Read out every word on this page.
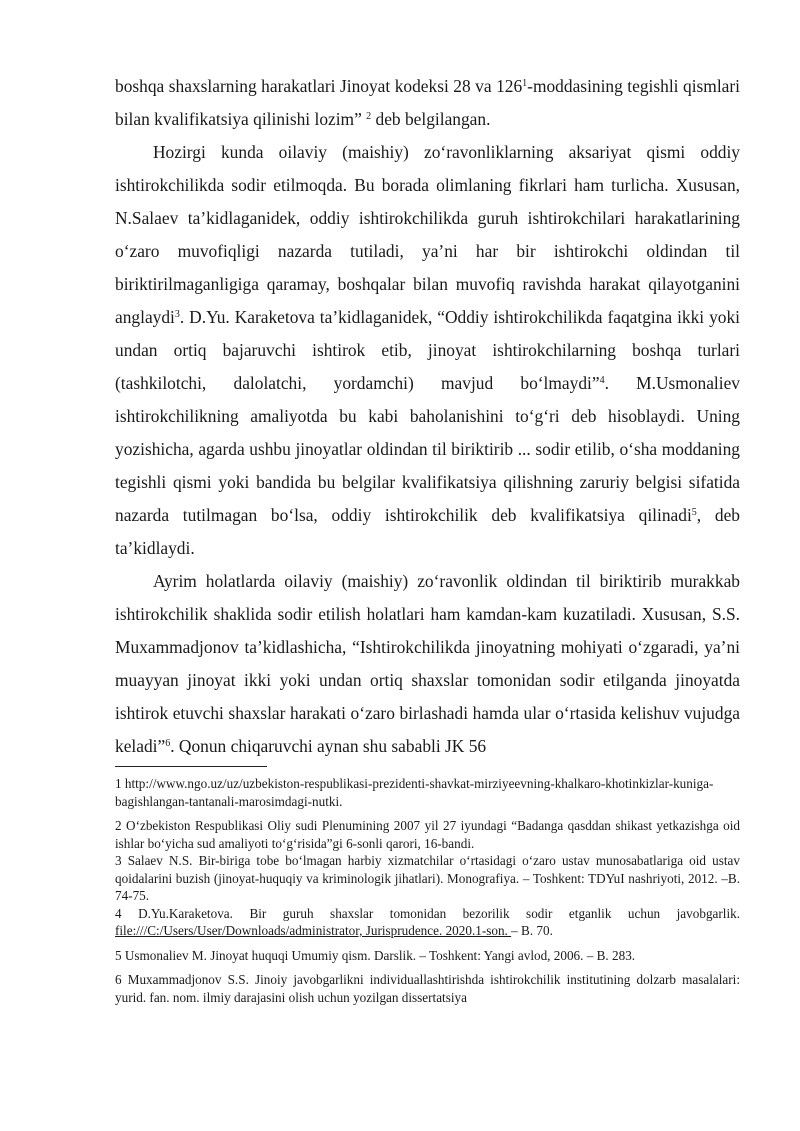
boshqa shaxslarning harakatlari Jinoyat kodeksi 28 va $126^1$-moddasining tegishli qismlari bilan kvalifikatsiya qilinishi lozim” $^2$ deb belgilangan.

Hozirgi kunda oilaviy (maishiy) zo‘ravonliklarning aksariyat qismi oddiy ishtirokchilikda sodir etilmoqda. Bu borada olimlaning fikrlari ham turlicha. Xususan, N.Salaev ta’kidlaganidek, oddiy ishtirokchilikda guruh ishtirokchilari harakatlarining o‘zaro muvofiqligi nazarda tutiladi, ya’ni har bir ishtirokchi oldindan til biriktirilmaganligiga qaramay, boshqalar bilan muvofiq ravishda harakat qilayotganini anglaydi$^3$. D.Yu. Karaketova ta’kidlaganidek, “Oddiy ishtirokchilikda faqatgina ikki yoki undan ortiq bajaruvchi ishtirok etib, jinoyat ishtirokchilarning boshqa turlari (tashkilotchi, dalolatchi, yordamchi) mavjud bo‘lmaydi”$^4$. M.Usmonaliev ishtirokchilikning amaliyotda bu kabi baholanishini to‘g‘ri deb hisoblaydi. Uning yozishicha, agarda ushbu jinoyatlar oldindan til biriktirib ... sodir etilib, o‘sha moddaning tegishli qismi yoki bandida bu belgilar kvalifikatsiya qilishning zaruriy belgisi sifatida nazarda tutilmagan bo‘lsa, oddiy ishtirokchilik deb kvalifikatsiya qilinadi$^5$, deb ta’kidlaydi.

Ayrim holatlarda oilaviy (maishiy) zo‘ravonlik oldindan til biriktirib murakkab ishtirokchilik shaklida sodir etilish holatlari ham kamdan-kam kuzatiladi. Xususan, S.S. Muxammadjonov ta’kidlashicha, “Ishtirokchilikda jinoyatning mohiyati o‘zgaradi, ya’ni muayyan jinoyat ikki yoki undan ortiq shaxslar tomonidan sodir etilganda jinoyatda ishtirok etuvchi shaxslar harakati o‘zaro birlashadi hamda ular o‘rtasida kelishuv vujudga keladi”$^6$. Qonun chiqaruvchi aynan shu sababli JK 56

1 http://www.ngo.uz/uz/uzbekiston-respublikasi-prezidenti-shavkat-mirziyeevning-khalkaro-khotinkizlar-kuniga-bagishlangan-tantanali-marosimdagi-nutki.

2 O‘zbekiston Respublikasi Oliy sudi Plenumining 2007 yil 27 iyundagi “Badanga qasddan shikast yetkazishga oid ishlar bo‘yicha sud amaliyoti to‘g‘risida”gi 6-sonli qarori, 16-bandi.

3 Salaev N.S. Bir-biriga tobe bo‘lmagan harbiy xizmatchilar o‘rtasidagi o‘zaro ustav munosabatlariga oid ustav qoidalarini buzish (jinoyat-huquqiy va kriminologik jihatlari). Monografiya. – Toshkent: TDYuI nashriyoti, 2012. –B. 74-75.

4 D.Yu.Karaketova. Bir guruh shaxslar tomonidan bezorilik sodir etganlik uchun javobgarlik. file:///C:/Users/User/Downloads/administrator, Jurisprudence. 2020.1-son. – B. 70.

5 Usmonaliev M. Jinoyat huquqi Umumiy qism. Darslik. – Toshkent: Yangi avlod, 2006. – B. 283.

6 Muxammadjonov S.S. Jinoiy javobgarlikni individuallashtirishda ishtirokchilik institutining dolzarb masalalari: yurid. fan. nom. ilmiy darajasini olish uchun yozilgan dissertatsiya
